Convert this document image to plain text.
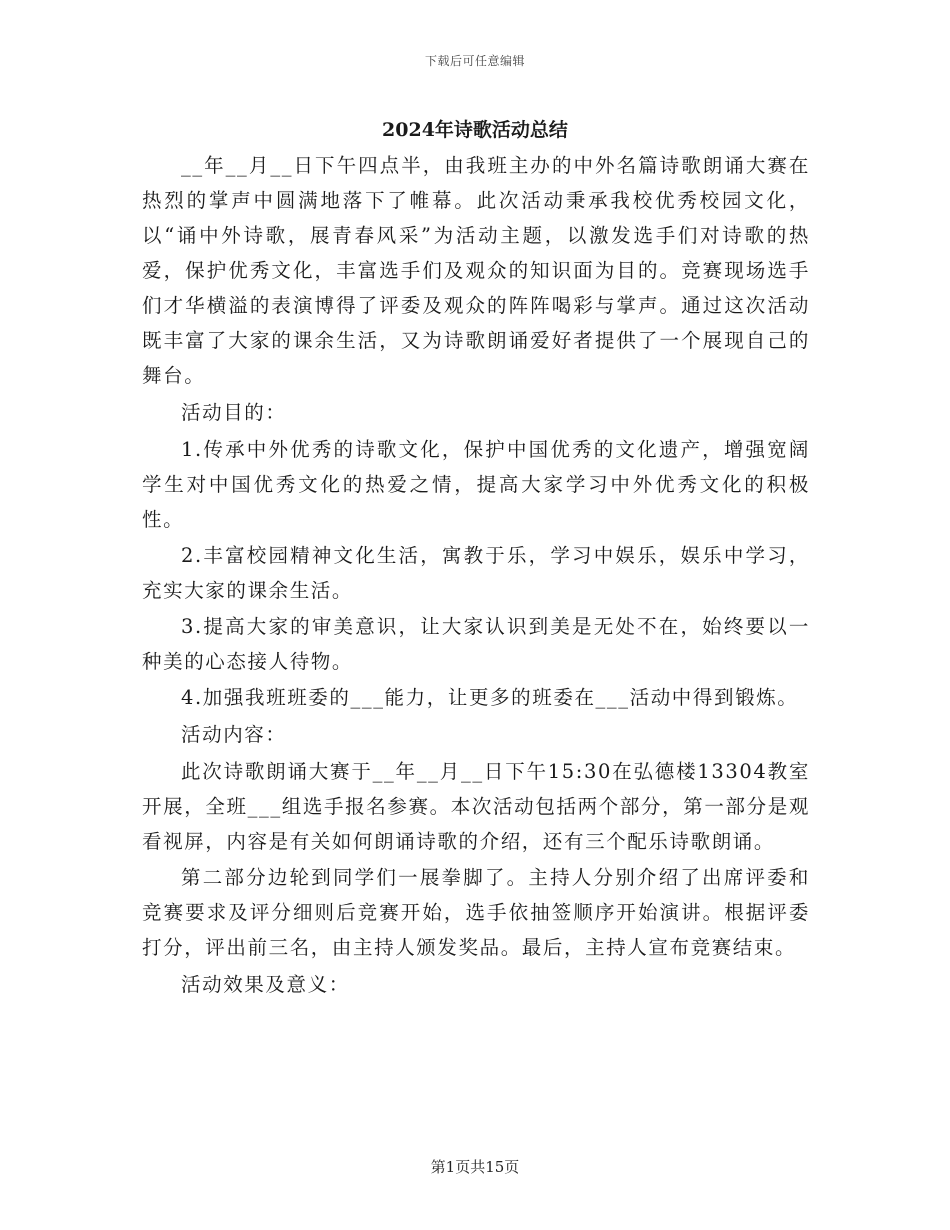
下载后可任意编辑
2024年诗歌活动总结

__年__月__日下午四点半，由我班主办的中外名篇诗歌朗诵大赛在热烈的掌声中圆满地落下了帷幕。此次活动秉承我校优秀校园文化，以“诵中外诗歌，展青春风采”为活动主题，以激发选手们对诗歌的热爱，保护优秀文化，丰富选手们及观众的知识面为目的。竞赛现场选手们才华横溢的表演博得了评委及观众的阵阵喝彩与掌声。通过这次活动既丰富了大家的课余生活，又为诗歌朗诵爱好者提供了一个展现自己的舞台。

活动目的：

1.传承中外优秀的诗歌文化，保护中国优秀的文化遗产，增强宽阔学生对中国优秀文化的热爱之情，提高大家学习中外优秀文化的积极性。

2.丰富校园精神文化生活，寓教于乐，学习中娱乐，娱乐中学习，充实大家的课余生活。

3.提高大家的审美意识，让大家认识到美是无处不在，始终要以一种美的心态接人待物。

4.加强我班班委的___能力，让更多的班委在___活动中得到锻炼。

活动内容：

此次诗歌朗诵大赛于__年__月__日下午15:30在弘德楼13304教室开展，全班___组选手报名参赛。本次活动包括两个部分，第一部分是观看视屏，内容是有关如何朗诵诗歌的介绍，还有三个配乐诗歌朗诵。

第二部分边轮到同学们一展拳脚了。主持人分别介绍了出席评委和竞赛要求及评分细则后竞赛开始，选手依抽签顺序开始演讲。根据评委打分，评出前三名，由主持人颁发奖品。最后，主持人宣布竞赛结束。

活动效果及意义：

第1页共15页
